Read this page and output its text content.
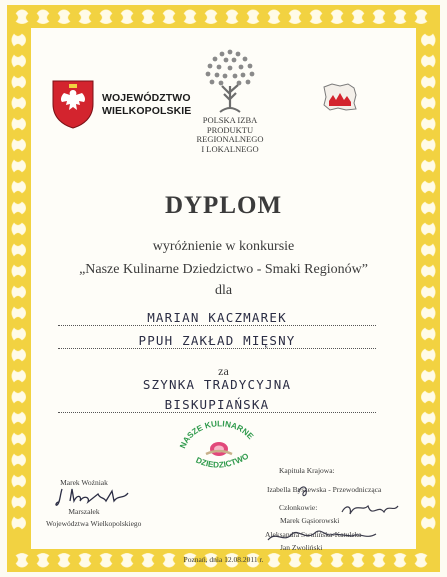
WOJEWÓDZTWO
WIELKOPOLSKIE
POLSKA IZBA
PRODUKTU
REGIONALNEGO
I LOKALNEGO
DYPLOM
wyróżnienie w konkursie
„Nasze Kulinarne Dziedzictwo - Smaki Regionów”
dla
MARIAN KACZMAREK
PPUH ZAKŁAD MIĘSNY
za
SZYNKA TRADYCYJNA
BISKUPIAŃSKA
NASZE KULINARNE
DZIEDZICTWO
Marek Woźniak
Marszałek
Województwa Wielkopolskiego
Kapituła Krajowa:
Izabella Byszewska - Przewodnicząca
Członkowie:
Marek Gąsiorowski
Aleksandra Swulińska-Katulska
Jan Zwoliński
Poznań, dnia 12.08.2011 r.
